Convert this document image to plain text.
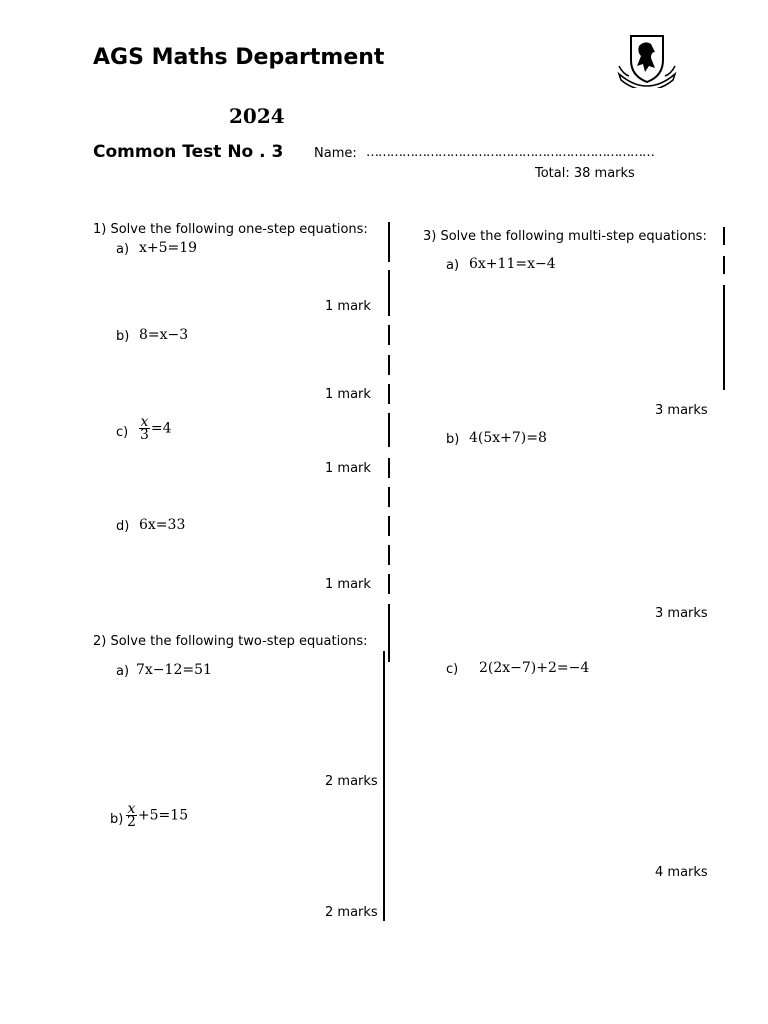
AGS Maths Department
2024
Common Test No . 3 Name: ………………………………………………………………
Total: 38 marks
1) Solve the following one-step equations:
a) x+5=19
1 mark
b) 8=x−3
1 mark
$c) \frac{x}{3} =4$
1 mark
d) 6x=33
1 mark
2) Solve the following two-step equations:
a) 7x−12=51
2 marks
$b) \frac{x}{2} +5=15$
2 marks
3) Solve the following multi-step equations:
a) 6x+11=x−4
3 marks
b) 4(5x+7)=8
3 marks
c) 2(2x−7)+2=−4
4 marks
